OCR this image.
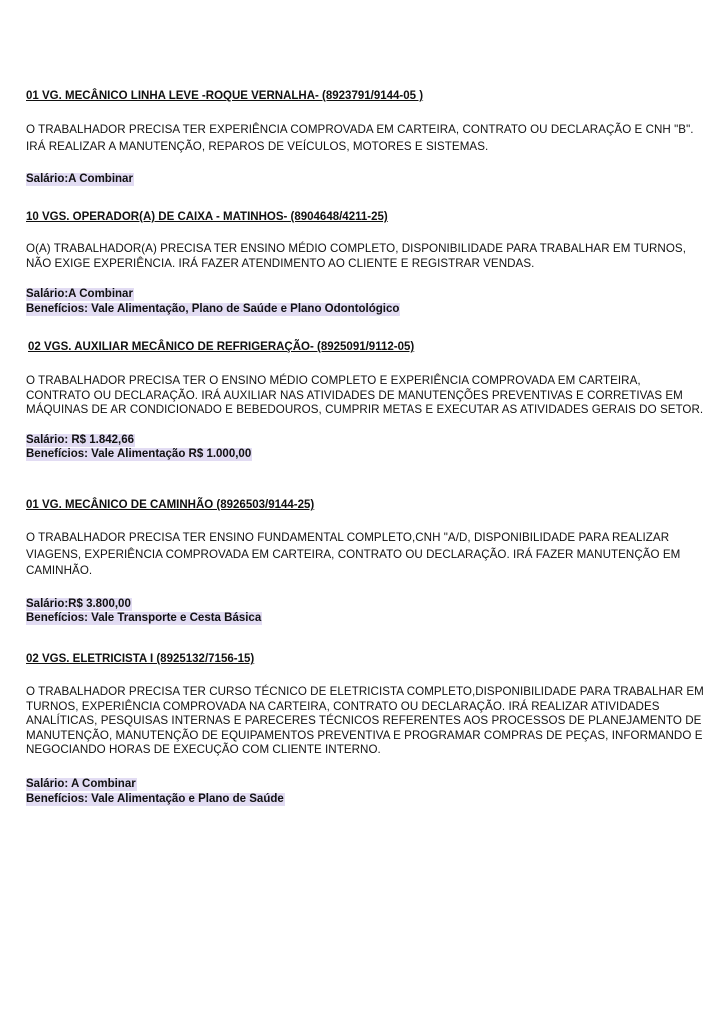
01 VG. MECÂNICO LINHA LEVE -ROQUE VERNALHA- (8923791/9144-05 )
O TRABALHADOR PRECISA TER EXPERIÊNCIA COMPROVADA EM CARTEIRA, CONTRATO OU DECLARAÇÃO E CNH "B". IRÁ REALIZAR A MANUTENÇÃO, REPAROS DE VEÍCULOS, MOTORES E SISTEMAS.
Salário:A Combinar
10 VGS. OPERADOR(A) DE CAIXA - MATINHOS- (8904648/4211-25)
O(A) TRABALHADOR(A) PRECISA TER ENSINO MÉDIO COMPLETO, DISPONIBILIDADE PARA TRABALHAR EM TURNOS, NÃO EXIGE EXPERIÊNCIA. IRÁ FAZER ATENDIMENTO AO CLIENTE E REGISTRAR VENDAS.
Salário:A Combinar
Benefícios: Vale Alimentação, Plano de Saúde e Plano Odontológico
02 VGS. AUXILIAR MECÂNICO DE REFRIGERAÇÃO- (8925091/9112-05)
O TRABALHADOR PRECISA TER O ENSINO MÉDIO COMPLETO E EXPERIÊNCIA COMPROVADA EM CARTEIRA, CONTRATO OU DECLARAÇÃO. IRÁ AUXILIAR NAS ATIVIDADES DE MANUTENÇÕES PREVENTIVAS E CORRETIVAS EM MÁQUINAS DE AR CONDICIONADO E BEBEDOUROS, CUMPRIR METAS E EXECUTAR AS ATIVIDADES GERAIS DO SETOR.
Salário: R$ 1.842,66
Benefícios: Vale Alimentação R$ 1.000,00
01 VG. MECÂNICO DE CAMINHÃO (8926503/9144-25)
O TRABALHADOR PRECISA TER ENSINO FUNDAMENTAL COMPLETO,CNH "A/D, DISPONIBILIDADE PARA REALIZAR VIAGENS, EXPERIÊNCIA COMPROVADA EM CARTEIRA, CONTRATO OU DECLARAÇÃO. IRÁ FAZER MANUTENÇÃO EM CAMINHÃO.
Salário:R$ 3.800,00
Benefícios: Vale Transporte e Cesta Básica
02 VGS. ELETRICISTA I (8925132/7156-15)
O TRABALHADOR PRECISA TER CURSO TÉCNICO DE ELETRICISTA COMPLETO,DISPONIBILIDADE PARA TRABALHAR EM TURNOS, EXPERIÊNCIA COMPROVADA NA CARTEIRA, CONTRATO OU DECLARAÇÃO. IRÁ REALIZAR ATIVIDADES ANALÍTICAS, PESQUISAS INTERNAS E PARECERES TÉCNICOS REFERENTES AOS PROCESSOS DE PLANEJAMENTO DE MANUTENÇÃO, MANUTENÇÃO DE EQUIPAMENTOS PREVENTIVA E PROGRAMAR COMPRAS DE PEÇAS, INFORMANDO E NEGOCIANDO HORAS DE EXECUÇÃO COM CLIENTE INTERNO.
Salário: A Combinar
Benefícios: Vale Alimentação e Plano de Saúde
